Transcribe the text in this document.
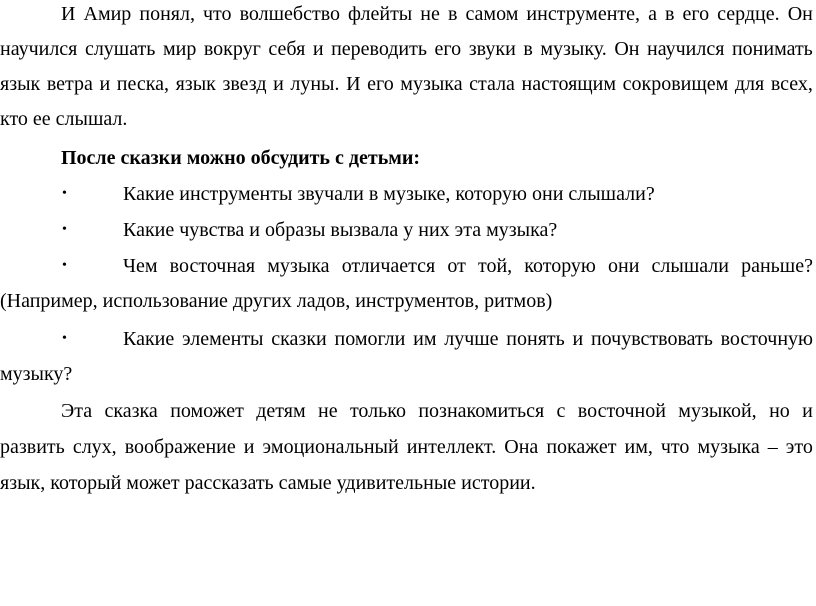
И Амир понял, что волшебство флейты не в самом инструменте, а в его сердце. Он
научился слушать мир вокруг себя и переводить его звуки в музыку. Он научился понимать
язык ветра и песка, язык звезд и луны. И его музыка стала настоящим сокровищем для всех,
кто ее слышал.
После сказки можно обсудить с детьми:
•	Какие инструменты звучали в музыке, которую они слышали?
•	Какие чувства и образы вызвала у них эта музыка?
•	Чем восточная музыка отличается от той, которую они слышали раньше?
(Например, использование других ладов, инструментов, ритмов)
•	Какие элементы сказки помогли им лучше понять и почувствовать восточную
музыку?
Эта сказка поможет детям не только познакомиться с восточной музыкой, но и
развить слух, воображение и эмоциональный интеллект. Она покажет им, что музыка – это
язык, который может рассказать самые удивительные истории.
